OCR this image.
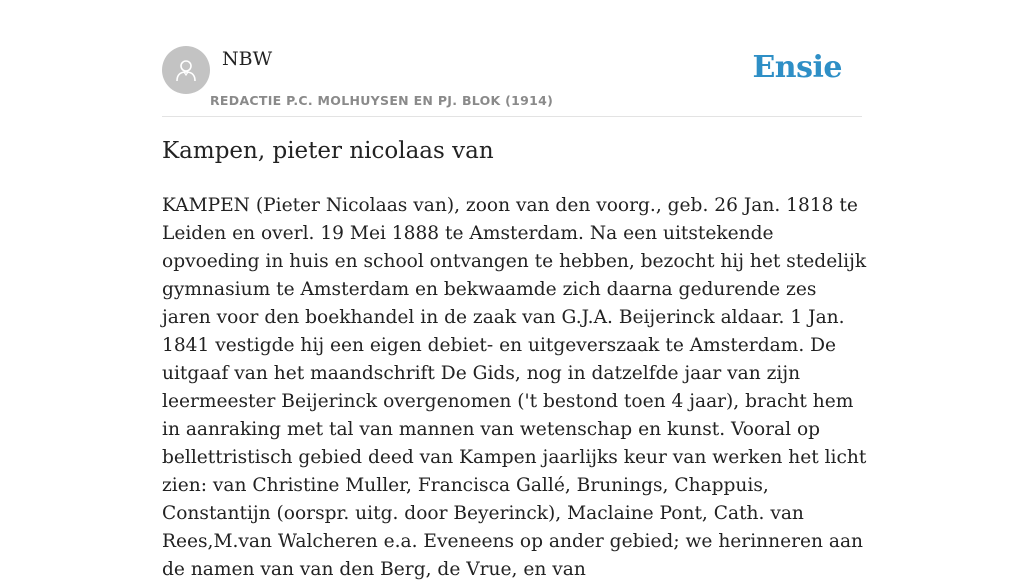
NBW
REDACTIE P.C. MOLHUYSEN EN PJ. BLOK (1914)
Ensie
Kampen, pieter nicolaas van

KAMPEN (Pieter Nicolaas van), zoon van den voorg., geb. 26 Jan. 1818 te Leiden en overl. 19 Mei 1888 te Amsterdam. Na een uitstekende opvoeding in huis en school ontvangen te hebben, bezocht hij het stedelijk gymnasium te Amsterdam en bekwaamde zich daarna gedurende zes jaren voor den boekhandel in de zaak van G.J.A. Beijerinck aldaar. 1 Jan. 1841 vestigde hij een eigen debiet- en uitgeverszaak te Amsterdam. De uitgaaf van het maandschrift De Gids, nog in datzelfde jaar van zijn leermeester Beijerinck overgenomen ('t bestond toen 4 jaar), bracht hem in aanraking met tal van mannen van wetenschap en kunst. Vooral op bellettristisch gebied deed van Kampen jaarlijks keur van werken het licht zien: van Christine Muller, Francisca Gallé, Brunings, Chappuis, Constantijn (oorspr. uitg. door Beyerinck), Maclaine Pont, Cath. van Rees,M.van Walcheren e.a. Eveneens op ander gebied; we herinneren aan de namen van van den Berg, de Vrue, en van
